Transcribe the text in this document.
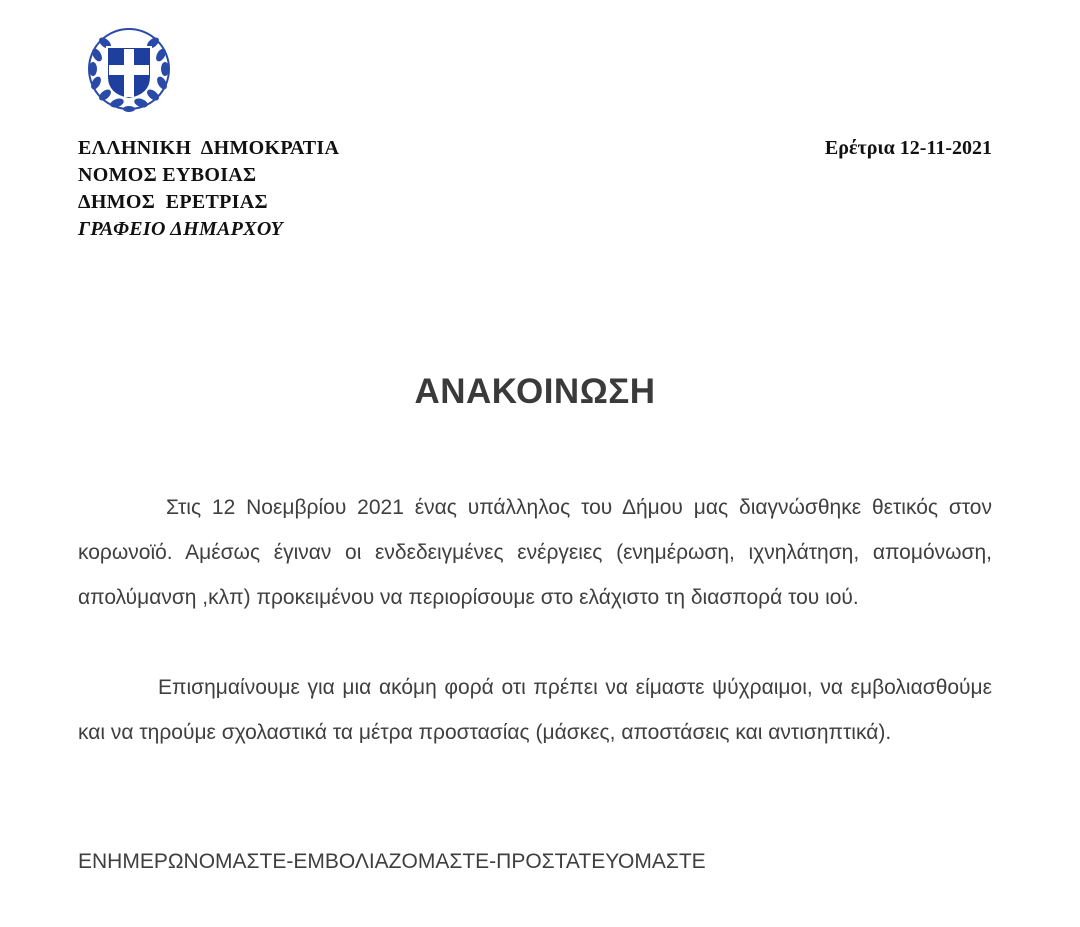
ΕΛΛΗΝΙΚΗ  ΔΗΜΟΚΡΑΤΙΑ
ΝΟΜΟΣ ΕΥΒΟΙΑΣ
ΔΗΜΟΣ  ΕΡΕΤΡΙΑΣ
ΓΡΑΦΕΙΟ ΔΗΜΑΡΧΟΥ
Ερέτρια 12-11-2021
ΑΝΑΚΟΙΝΩΣΗ
Στις 12 Νοεμβρίου 2021 ένας υπάλληλος του Δήμου μας διαγνώσθηκε θετικός στον κορωνοϊό. Αμέσως έγιναν οι ενδεδειγμένες ενέργειες (ενημέρωση, ιχνηλάτηση, απομόνωση, απολύμανση ,κλπ) προκειμένου να περιορίσουμε στο ελάχιστο τη διασπορά του ιού.
Επισημαίνουμε για μια ακόμη φορά οτι πρέπει να είμαστε ψύχραιμοι, να εμβολιασθούμε και να τηρούμε σχολαστικά τα μέτρα προστασίας (μάσκες, αποστάσεις και αντισηπτικά).
ΕΝΗΜΕΡΩΝΟΜΑΣΤΕ-ΕΜΒΟΛΙΑΖΟΜΑΣΤΕ-ΠΡΟΣΤΑΤΕΥΟΜΑΣΤΕ
